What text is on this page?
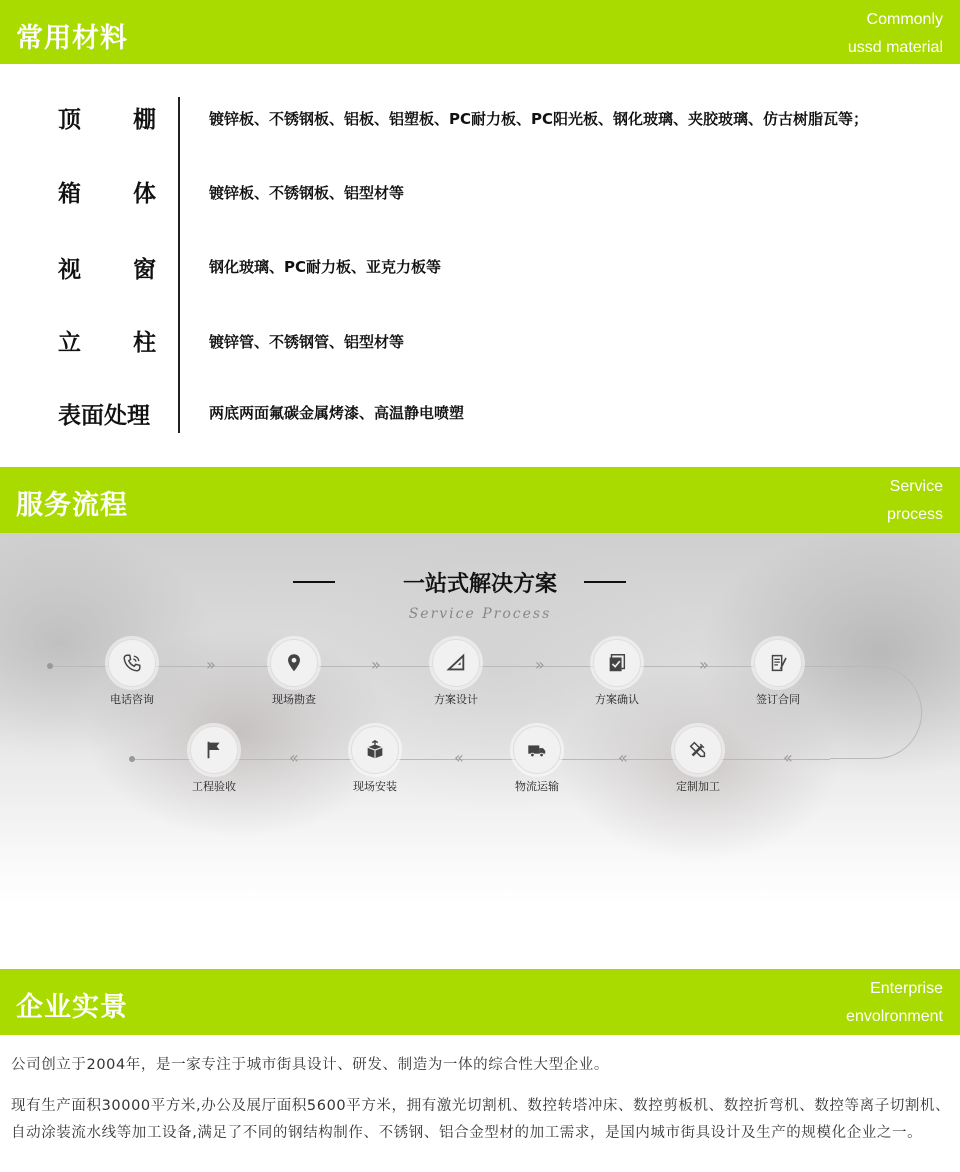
常用材料
Commonly
ussd material
顶 棚	镀锌板、不锈钢板、铝板、铝塑板、PC耐力板、PC阳光板、钢化玻璃、夹胶玻璃、仿古树脂瓦等；
箱 体	镀锌板、不锈钢板、铝型材等
视 窗	钢化玻璃、PC耐力板、亚克力板等
立 柱	镀锌管、不锈钢管、铝型材等
表面处理	两底两面氟碳金属烤漆、高温静电喷塑
服务流程
Service
process
一站式解决方案
Service Process
»	»	»	»
«	«	«	«
电话咨询	现场勘查	方案设计	方案确认	签订合同
定制加工
物流运输
现场安装
工程验收
企业实景
Enterprise
envolronment
公司创立于2004年，是一家专注于城市街具设计、研发、制造为一体的综合性大型企业。
现有生产面积30000平方米,办公及展厅面积5600平方米，拥有激光切割机、数控转塔冲床、数控剪板机、数控折弯机、数控等离子切割机、自动涂装流水线等加工设备,满足了不同的钢结构制作、不锈钢、铝合金型材的加工需求，是国内城市街具设计及生产的规模化企业之一。
